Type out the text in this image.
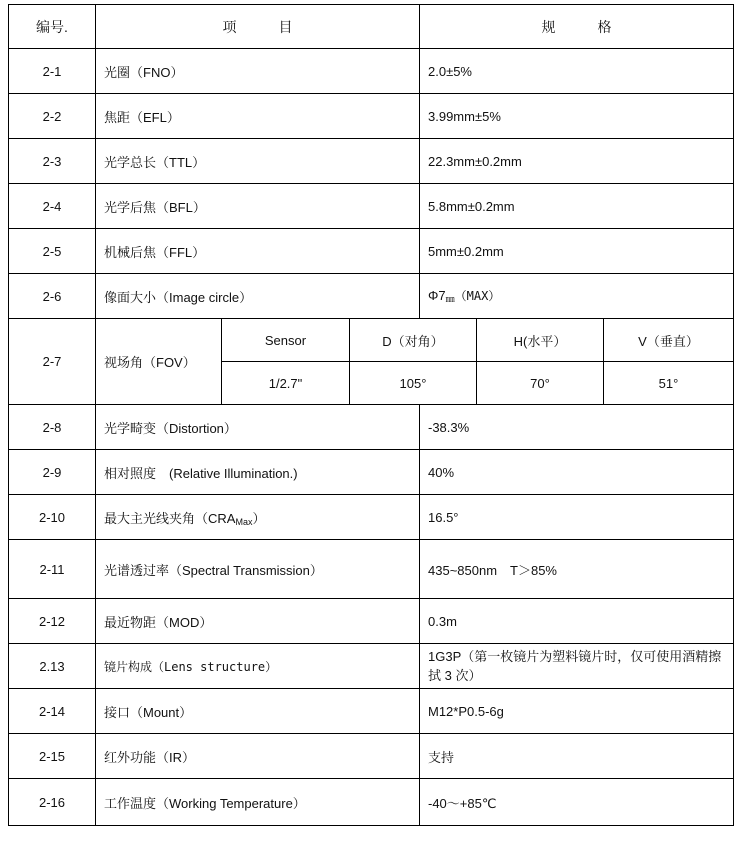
编号.	项　　　目			规　　　格		
2-1	光圈（FNO）			2.0±5%		
2-2	焦距（EFL）			3.99mm±5%		
2-3	光学总长（TTL）			22.3mm±0.2mm		
2-4	光学后焦（BFL）			5.8mm±0.2mm		
2-5	机械后焦（FFL）			5mm±0.2mm		
2-6	像面大小（Image circle）			$\Phi 7_㎜(MAX)$		
2-7	视场角（FOV）	Sensor	D（对角）		H(水平）	V（垂直）
		1/2.7"	105°		70°	51°
2-8	光学畸变（Distortion）			-38.3%		
2-9	相对照度　(Relative Illumination.)			40%		
2-10	最大主光线夹角$(CRA_{Max})$			16.5°		
2-11	光谱透过率（Spectral Transmission）			435~850nm　T＞85%		
2-12	最近物距（MOD）			0.3m		
2.13	镜片构成（Lens structure）			1G3P（第一枚镜片为塑料镜片时，仅可使用酒精擦拭 3 次）		
2-14	接口（Mount）			M12*P0.5-6g		
2-15	红外功能（IR）			支持		
2-16	工作温度（Working Temperature）			-40～+85℃		
